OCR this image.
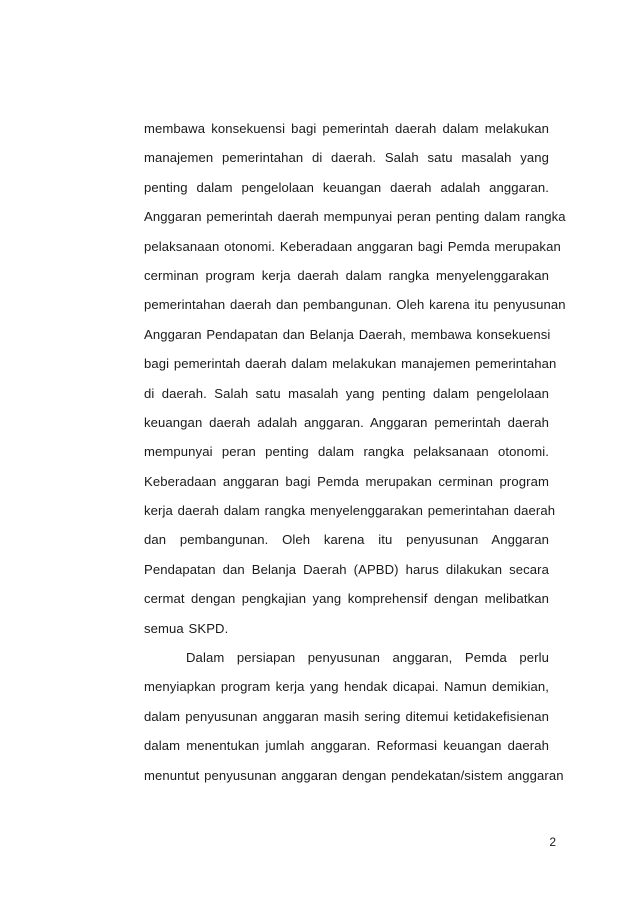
membawa konsekuensi bagi pemerintah daerah dalam melakukan
manajemen pemerintahan di daerah. Salah satu masalah yang
penting dalam pengelolaan keuangan daerah adalah anggaran.
Anggaran pemerintah daerah mempunyai peran penting dalam rangka
pelaksanaan otonomi. Keberadaan anggaran bagi Pemda merupakan
cerminan program kerja daerah dalam rangka menyelenggarakan
pemerintahan daerah dan pembangunan. Oleh karena itu penyusunan
Anggaran Pendapatan dan Belanja Daerah, membawa konsekuensi
bagi pemerintah daerah dalam melakukan manajemen pemerintahan
di daerah. Salah satu masalah yang penting dalam pengelolaan
keuangan daerah adalah anggaran. Anggaran pemerintah daerah
mempunyai peran penting dalam rangka pelaksanaan otonomi.
Keberadaan anggaran bagi Pemda merupakan cerminan program
kerja daerah dalam rangka menyelenggarakan pemerintahan daerah
dan pembangunan. Oleh karena itu penyusunan Anggaran
Pendapatan dan Belanja Daerah (APBD) harus dilakukan secara
cermat dengan pengkajian yang komprehensif dengan melibatkan
semua SKPD.
Dalam persiapan penyusunan anggaran, Pemda perlu
menyiapkan program kerja yang hendak dicapai. Namun demikian,
dalam penyusunan anggaran masih sering ditemui ketidakefisienan
dalam menentukan jumlah anggaran. Reformasi keuangan daerah
menuntut penyusunan anggaran dengan pendekatan/sistem anggaran
2
